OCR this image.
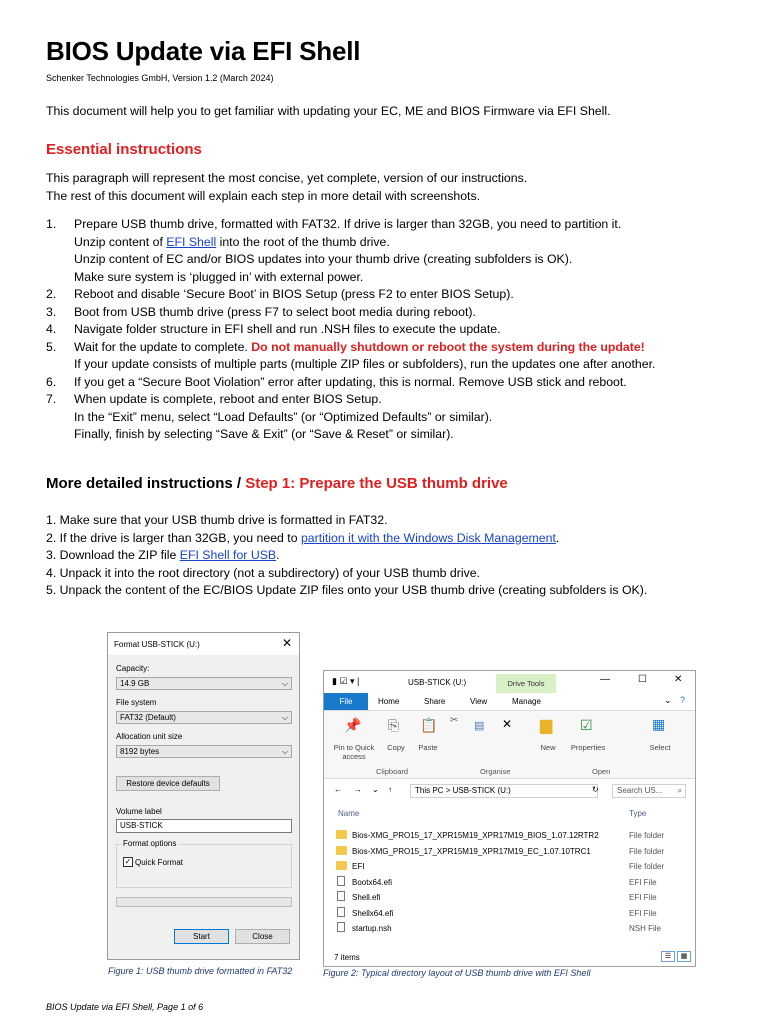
BIOS Update via EFI Shell
Schenker Technologies GmbH, Version 1.2 (March 2024)
This document will help you to get familiar with updating your EC, ME and BIOS Firmware via EFI Shell.
Essential instructions
This paragraph will represent the most concise, yet complete, version of our instructions.
The rest of this document will explain each step in more detail with screenshots.
1. Prepare USB thumb drive, formatted with FAT32. If drive is larger than 32GB, you need to partition it.
Unzip content of EFI Shell into the root of the thumb drive.
Unzip content of EC and/or BIOS updates into your thumb drive (creating subfolders is OK).
Make sure system is ‘plugged in’ with external power.
2. Reboot and disable ‘Secure Boot’ in BIOS Setup (press F2 to enter BIOS Setup).
3. Boot from USB thumb drive (press F7 to select boot media during reboot).
4. Navigate folder structure in EFI shell and run .NSH files to execute the update.
5. Wait for the update to complete. Do not manually shutdown or reboot the system during the update!
If your update consists of multiple parts (multiple ZIP files or subfolders), run the updates one after another.
6. If you get a “Secure Boot Violation” error after updating, this is normal. Remove USB stick and reboot.
7. When update is complete, reboot and enter BIOS Setup.
In the “Exit” menu, select “Load Defaults” (or “Optimized Defaults” or similar).
Finally, finish by selecting “Save & Exit” (or “Save & Reset” or similar).
More detailed instructions / Step 1: Prepare the USB thumb drive
1. Make sure that your USB thumb drive is formatted in FAT32.
2. If the drive is larger than 32GB, you need to partition it with the Windows Disk Management.
3. Download the ZIP file EFI Shell for USB.
4. Unpack it into the root directory (not a subdirectory) of your USB thumb drive.
5. Unpack the content of the EC/BIOS Update ZIP files onto your USB thumb drive (creating subfolders is OK).
Format USB-STICK (U:)	✕
Capacity:
14.9 GB	⌵
File system
FAT32 (Default)	⌵
Allocation unit size
8192 bytes	⌵
Restore device defaults
Volume label
USB-STICK
Format options
✓ Quick Format
Start	Close
Figure 1: USB thumb drive formatted in FAT32
▮ ☑ ▾ |	USB-STICK (U:)	Drive Tools	—	☐	✕
Home	Share	View	Manage	⌄ ?
File
📌
Pin to Quick access
⎘
Copy
📋
Paste
✂ ▤ ✕ ▆
New
☑
Properties
▦
Select
Clipboard	Organise	Open
← → ⌄ ↑	This PC > USB-STICK (U:)	↻	Search US... ⌕
Name	Type
Bios-XMG_PRO15_17_XPR15M19_XPR17M19_BIOS_1.07.12RTR2	File folder
Bios-XMG_PRO15_17_XPR15M19_XPR17M19_EC_1.07.10TRC1	File folder
EFI	File folder
Bootx64.efi	EFI File
Shell.efi	EFI File
Shellx64.efi	EFI File
startup.nsh	NSH File
7 items	☰	▦
Figure 2: Typical directory layout of USB thumb drive with EFI Shell
BIOS Update via EFI Shell, Page 1 of 6
